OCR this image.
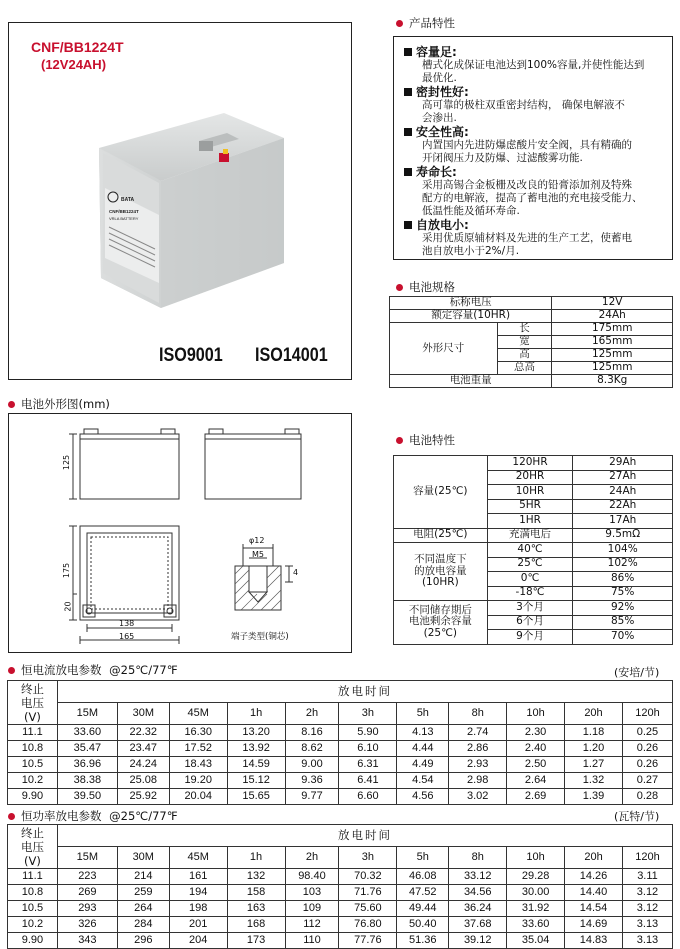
CNF/BB1224T
(12V24AH)
BATA
CNF/BB1224T
VRLA BATTERY
ISO9001 ISO14001
产品特性
容量足:
槽式化成保证电池达到100%容量,并使性能达到
最优化.
密封性好:
高可靠的极柱双重密封结构， 确保电解液不
会渗出.
安全性高:
内置国内先进防爆虑酸片安全阀，具有精确的
开闭阀压力及防爆、过滤酸雾功能.
寿命长:
采用高锡合金板栅及改良的铅膏添加剂及特殊
配方的电解液，提高了蓄电池的充电接受能力、
低温性能及循环寿命.
自放电小:
采用优质原辅材料及先进的生产工艺，使蓄电
池自放电小于2%/月.
电池规格
标称电压		12V
额定容量(10HR)		24Ah
外形尺寸	长	175mm
	宽	165mm
	高	125mm
	总高	125mm
电池重量		8.3Kg
电池外形图(mm)
125
175
20
138
165
φ12
M5
4
端子类型(铜芯)
电池特性
容量(25℃)	120HR	29Ah
	20HR	27Ah
	10HR	24Ah
	5HR	22Ah
	1HR	17Ah

电阻(25℃)	充满电后	9.5mΩ

不同温度下
的放电容量
(10HR)	40℃	104%
	25℃	102%
	0℃	86%
	-18℃	75%

不同储存期后
电池剩余容量
(25℃)	3个月	92%
	6个月	85%
	9个月	70%
恒电流放电参数 @25℃/77℉	(安培/节)
终止
电压
(V)	放电时间										
	15M	30M	45M	1h	2h	3h	5h	8h	10h	20h	120h
11.1	33.60	22.32	16.30	13.20	8.16	5.90	4.13	2.74	2.30	1.18	0.25
10.8	35.47	23.47	17.52	13.92	8.62	6.10	4.44	2.86	2.40	1.20	0.26
10.5	36.96	24.24	18.43	14.59	9.00	6.31	4.49	2.93	2.50	1.27	0.26
10.2	38.38	25.08	19.20	15.12	9.36	6.41	4.54	2.98	2.64	1.32	0.27
9.90	39.50	25.92	20.04	15.65	9.77	6.60	4.56	3.02	2.69	1.39	0.28
恒功率放电参数 @25℃/77℉	(瓦特/节)
终止
电压
(V)	放电时间										
	15M	30M	45M	1h	2h	3h	5h	8h	10h	20h	120h
11.1	223	214	161	132	98.40	70.32	46.08	33.12	29.28	14.26	3.11
10.8	269	259	194	158	103	71.76	47.52	34.56	30.00	14.40	3.12
10.5	293	264	198	163	109	75.60	49.44	36.24	31.92	14.54	3.12
10.2	326	284	201	168	112	76.80	50.40	37.68	33.60	14.69	3.13
9.90	343	296	204	173	110	77.76	51.36	39.12	35.04	14.83	3.13
